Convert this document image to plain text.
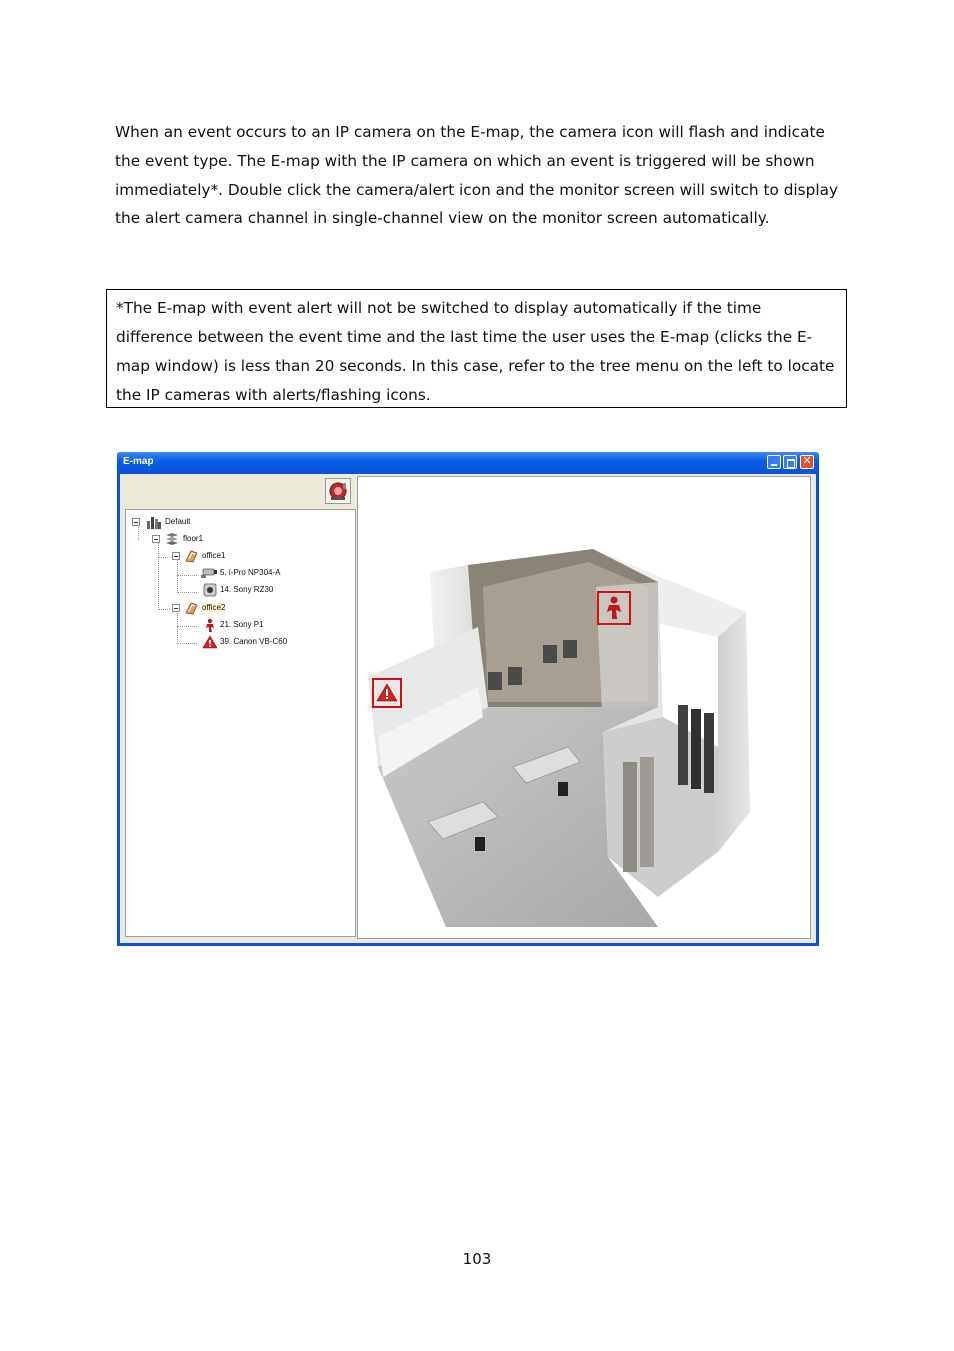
When an event occurs to an IP camera on the E-map, the camera icon will flash and indicate the event type. The E-map with the IP camera on which an event is triggered will be shown immediately*. Double click the camera/alert icon and the monitor screen will switch to display the alert camera channel in single-channel view on the monitor screen automatically.

*The E-map with event alert will not be switched to display automatically if the time difference between the event time and the last time the user uses the E-map (clicks the E-map window) is less than 20 seconds. In this case, refer to the tree menu on the left to locate the IP cameras with alerts/flashing icons.

E-map	✕
Default
floor1
office1
5. i-Pro NP304-A
14. Sony RZ30
office2
21. Sony P1
39. Canon VB-C60
103
